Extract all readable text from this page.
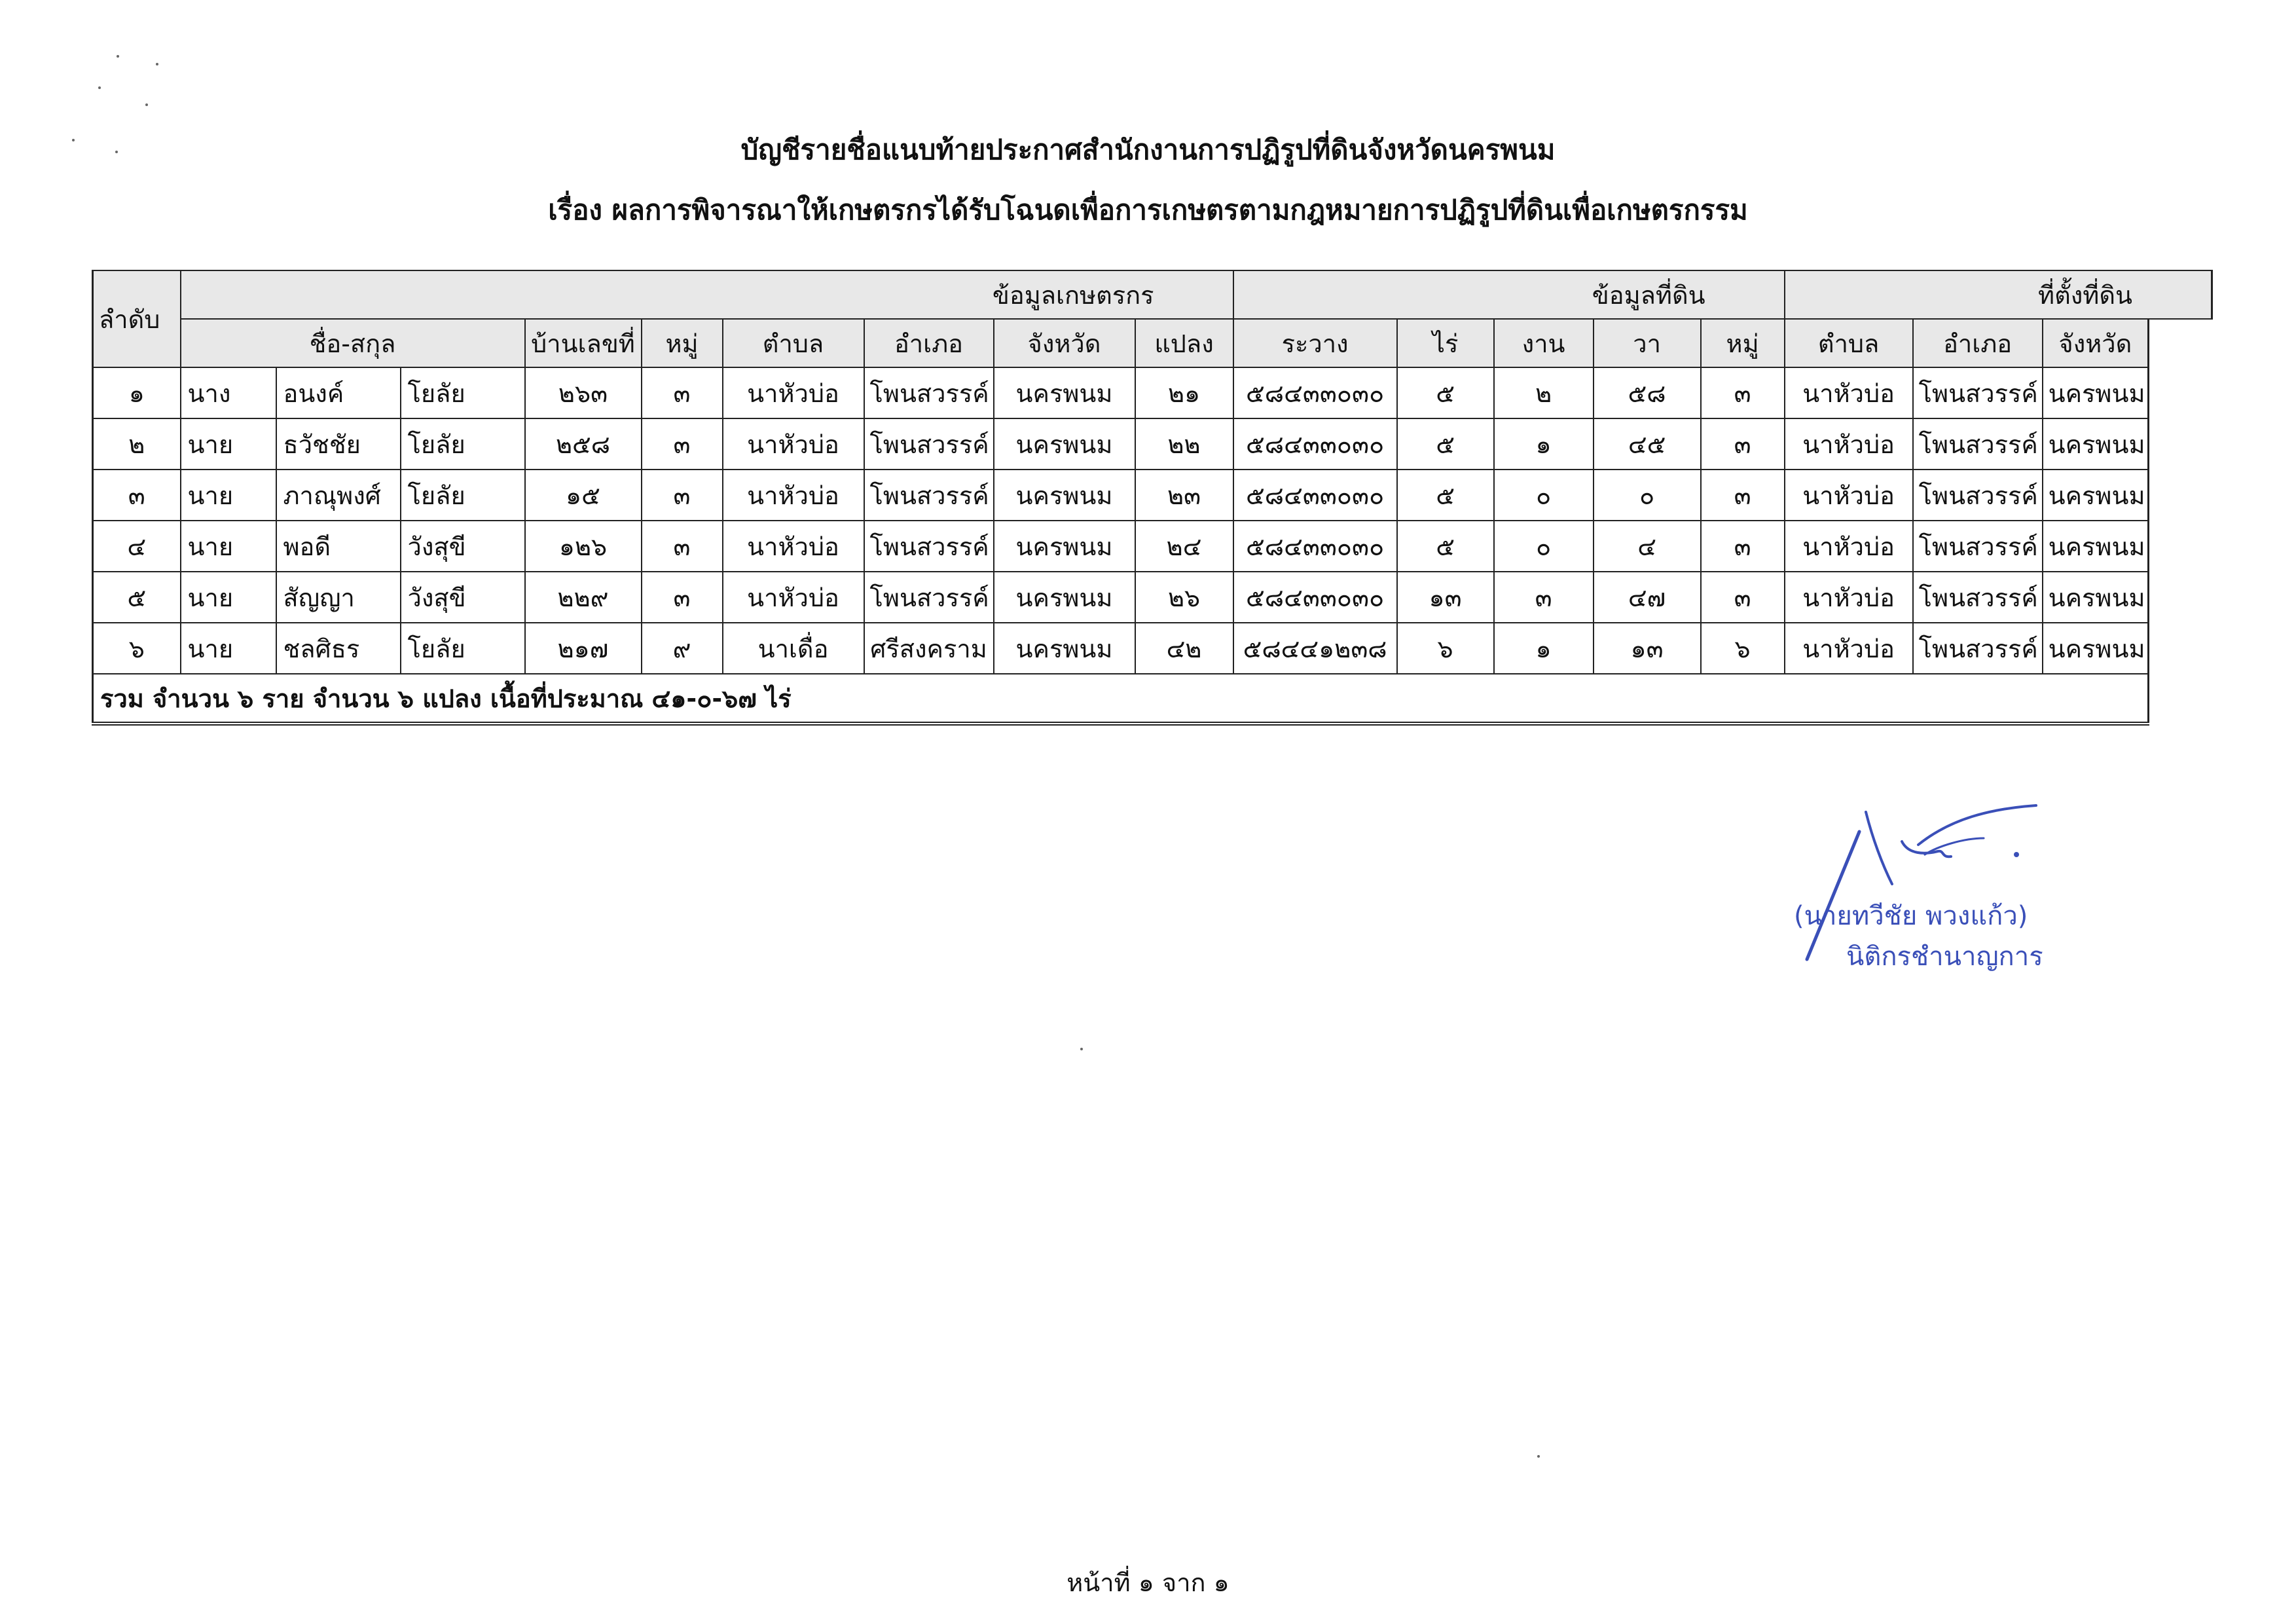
บัญชีรายชื่อแนบท้ายประกาศสำนักงานการปฏิรูปที่ดินจังหวัดนครพนม
เรื่อง ผลการพิจารณาให้เกษตรกรได้รับโฉนดเพื่อการเกษตรตามกฎหมายการปฏิรูปที่ดินเพื่อเกษตรกรรม
ลำดับ	ข้อมูลเกษตรกร									ข้อมูลที่ดิน					ที่ตั้งที่ดิน		
	ชื่อ-สกุล			บ้านเลขที่	หมู่	ตำบล	อำเภอ	จังหวัด	แปลง	ระวาง	ไร่	งาน	วา	หมู่	ตำบล	อำเภอ	จังหวัด
๑	นาง	อนงค์	โยลัย	๒๖๓	๓	นาหัวบ่อ	โพนสวรรค์	นครพนม	๒๑	๕๘๔๓๓๐๓๐	๕	๒	๕๘	๓	นาหัวบ่อ	โพนสวรรค์	นครพนม
๒	นาย	ธวัชชัย	โยลัย	๒๕๘	๓	นาหัวบ่อ	โพนสวรรค์	นครพนม	๒๒	๕๘๔๓๓๐๓๐	๕	๑	๔๕	๓	นาหัวบ่อ	โพนสวรรค์	นครพนม
๓	นาย	ภาณุพงศ์	โยลัย	๑๕	๓	นาหัวบ่อ	โพนสวรรค์	นครพนม	๒๓	๕๘๔๓๓๐๓๐	๕	๐	๐	๓	นาหัวบ่อ	โพนสวรรค์	นครพนม
๔	นาย	พอดี	วังสุขี	๑๒๖	๓	นาหัวบ่อ	โพนสวรรค์	นครพนม	๒๔	๕๘๔๓๓๐๓๐	๕	๐	๔	๓	นาหัวบ่อ	โพนสวรรค์	นครพนม
๕	นาย	สัญญา	วังสุขี	๒๒๙	๓	นาหัวบ่อ	โพนสวรรค์	นครพนม	๒๖	๕๘๔๓๓๐๓๐	๑๓	๓	๔๗	๓	นาหัวบ่อ	โพนสวรรค์	นครพนม
๖	นาย	ชลศิธร	โยลัย	๒๑๗	๙	นาเดื่อ	ศรีสงคราม	นครพนม	๔๒	๕๘๔๔๑๒๓๘	๖	๑	๑๓	๖	นาหัวบ่อ	โพนสวรรค์	นครพนม
รวม จำนวน ๖ ราย จำนวน ๖ แปลง เนื้อที่ประมาณ ๔๑-๐-๖๗ ไร่																	
(นายทวีชัย พวงแก้ว)
นิติกรชำนาญการ
หน้าที่ ๑ จาก ๑
